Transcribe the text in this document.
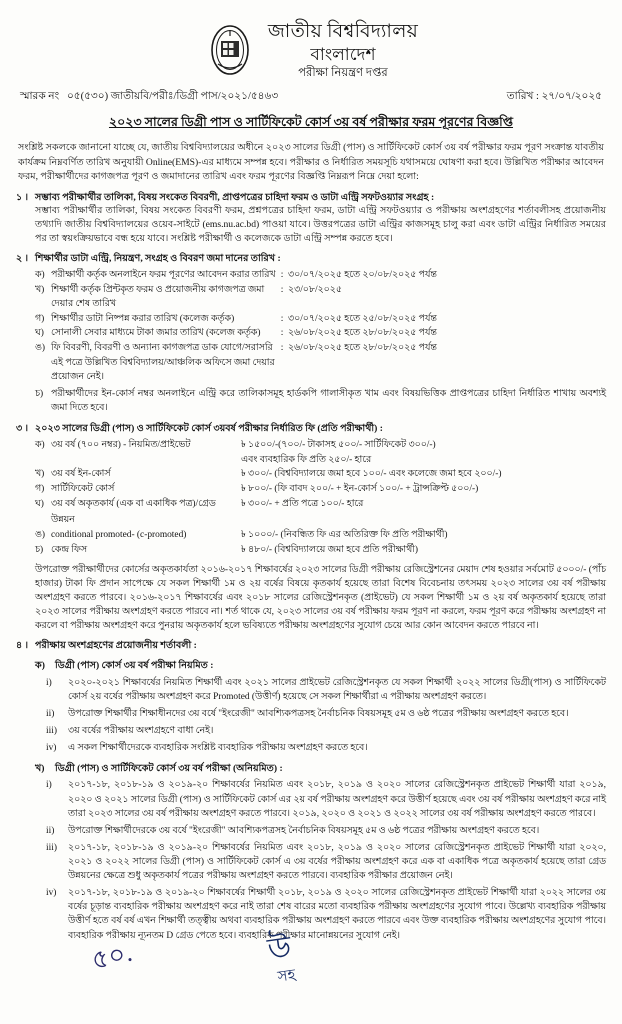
জাতীয় বিশ্ববিদ্যালয়
বাংলাদেশ
পরীক্ষা নিয়ন্ত্রণ দপ্তর
স্মারক নং ০৫(৫৩০) জাতীয়বি/পরীঃ/ডিগ্রী পাস/২০২১/৫৪৬৩	তারিখ : ২৭/০৭/২০২৫
২০২৩ সালের ডিগ্রী পাস ও সার্টিফিকেট কোর্স ৩য় বর্ষ পরীক্ষার ফরম পূরণের বিজ্ঞপ্তি
সংশ্লিষ্ট সকলকে জানানো যাচ্ছে যে, জাতীয় বিশ্ববিদ্যালয়ের অধীনে ২০২৩ সালের ডিগ্রী (পাস) ও সার্টিফিকেট কোর্স ৩য় বর্ষ পরীক্ষার ফরম পূরণ সংক্রান্ত যাবতীয় কার্যক্রম নিম্নবর্ণিত তারিখ অনুযায়ী Online(EMS)-এর মাধ্যমে সম্পন্ন হবে। পরীক্ষার ও নির্ধারিত সময়সূচি যথাসময়ে ঘোষণা করা হবে। উল্লিখিত পরীক্ষার আবেদন ফরম, পরীক্ষার্থীদের কাগজপত্র পূরণ ও জমাদানের তারিখ এবং ফরম পূরণের বিজ্ঞপ্তি নিম্নরূপ নিম্নে দেয়া হলো:
১ । সম্ভাব্য পরীক্ষার্থীর তালিকা, বিষয় সংকেত বিবরণী, প্রাপ্তপত্রের চাহিদা ফরম ও ডাটা এন্ট্রি সফটওয়্যার সংগ্রহ :
সম্ভাব্য পরীক্ষার্থীর তালিকা, বিষয় সংকেত বিবরণী ফরম, প্রশ্নপত্রের চাহিদা ফরম, ডাটা এন্ট্রি সফটওয়্যার ও পরীক্ষায় অংশগ্রহণের শর্তাবলীসহ প্রয়োজনীয় তথ্যাদি জাতীয় বিশ্ববিদ্যালয়ের ওয়েব-সাইটে (ems.nu.ac.bd) পাওয়া যাবে। উত্তরপত্রের ডাটা এন্ট্রির কাজসমূহ চালু করা এবং ডাটা এন্ট্রির নির্ধারিত সময়ের পর তা স্বয়ংক্রিয়ভাবে বন্ধ হয়ে যাবে। সংশ্লিষ্ট পরীক্ষার্থী ও কলেজকে ডাটা এন্ট্রি সম্পন্ন করতে হবে।
২ । শিক্ষার্থীর ডাটা এন্ট্রি, নিয়ন্ত্রণ, সংগ্রহ ও বিবরণ জমা দানের তারিখ :
ক) পরীক্ষার্থী কর্তৃক অনলাইনে ফরম পূরণের আবেদন করার তারিখ : ৩০/০৭/২০২৫ হতে ২০/০৮/২০২৫ পর্যন্ত
খ) শিক্ষার্থী কর্তৃক প্রিন্টকৃত ফরম ও প্রয়োজনীয় কাগজপত্র জমা দেয়ার শেষ তারিখ
: ২৩/০৮/২০২৫
গ) শিক্ষার্থীর ডাটা নিষ্পন্ন করার তারিখ (কলেজ কর্তৃক)	: ৩০/০৭/২০২৫ হতে ২৫/০৮/২০২৫ পর্যন্ত
ঘ) সোনালী সেবার মাধ্যমে টাকা জমার তারিখ (কলেজ কর্তৃক)	: ২৬/০৮/২০২৫ হতে ২৮/০৮/২০২৫ পর্যন্ত
ঙ) ফি বিবরণী, বিবরণী ও অন্যান্য কাগজপত্র ডাক যোগে/সরাসরি এই পত্রে উল্লিখিত বিশ্ববিদ্যালয়/আঞ্চলিক অফিসে জমা দেয়ার প্রয়োজন নেই।
: ২৬/০৮/২০২৫ হতে ২৮/০৮/২০২৫ পর্যন্ত
চ) পরীক্ষার্থীদের ইন-কোর্স নম্বর অনলাইনে এন্ট্রি করে তালিকাসমূহ হার্ডকপি গালাসীকৃত খাম এবং বিষয়ভিত্তিক প্রাপ্তপত্রের চাহিদা নির্ধারিত শাখায় অবশ্যই জমা দিতে হবে।
৩ । ২০২৩ সালের ডিগ্রী (পাস) ও সার্টিফিকেট কোর্স ৩য়বর্ষ পরীক্ষার নির্ধারিত ফি (প্রতি পরীক্ষার্থী) :
ক) ৩য় বর্ষ (৭০০ নম্বর) - নিয়মিত/প্রাইভেট	৳ ১৫০০/-(৭০০/- টাকাসহ ৫০০/- সার্টিফিকেট ৩০০/-)
এবং ব্যবহারিক ফি প্রতি ২৫০/- হারে
খ) ৩য় বর্ষ ইন-কোর্স	৳ ৩০০/- (বিশ্ববিদ্যালয়ে জমা হবে ১০০/- এবং কলেজে জমা হবে ২০০/-)
গ) সার্টিফিকেট কোর্স	৳ ৮০০/- (ফি বাবদ ২০০/- + ইন-কোর্স ১০০/- + ট্রান্সক্রিপ্ট ৫০০/-)
ঘ) ৩য় বর্ষ অকৃতকার্য (এক বা একাধিক পত্র)/গ্রেড উন্নয়ন
৳ ৩০০/- + প্রতি পত্রে ১০০/- হারে
ঙ) conditional promoted- (c-promoted)	৳ ১০০০/- (নিবন্ধিত ফি এর অতিরিক্ত ফি প্রতি পরীক্ষার্থী)
চ) কেন্দ্র ফিস	৳ ৪৮০/- (বিশ্ববিদ্যালয়ে জমা হবে প্রতি পরীক্ষার্থী)
উপরোক্ত পরীক্ষার্থীদের কোর্সের অকৃতকার্যতা ২০১৬-২০১৭ শিক্ষাবর্ষের ২০২৩ সালের ডিগ্রী পরীক্ষায় রেজিস্ট্রেশনের মেয়াদ শেষ হওয়ার সর্বমোট ৫০০০/- (পাঁচ হাজার) টাকা ফি প্রদান সাপেক্ষে যে সকল শিক্ষার্থী ১ম ও ২য় বর্ষের বিষয়ে কৃতকার্য হয়েছে তারা বিশেষ বিবেচনায় তৎসময় ২০২৩ সালের ৩য় বর্ষ পরীক্ষায় অংশগ্রহণ করতে পারবে। ২০১৬-২০১৭ শিক্ষাবর্ষের এবং ২০১৮ সালের রেজিস্ট্রেশনকৃত (প্রাইভেট) যে সকল শিক্ষার্থী ১ম ও ২য় বর্ষ অকৃতকার্য হয়েছে তারা ২০২৩ সালের পরীক্ষায় অংশগ্রহণ করতে পারবে না। শর্ত থাকে যে, ২০২৩ সালের ৩য় বর্ষ পরীক্ষায় ফরম পূরণ না করলে, ফরম পূরণ করে পরীক্ষায় অংশগ্রহণ না করলে বা পরীক্ষায় অংশগ্রহণ করে পুনরায় অকৃতকার্য হলে ভবিষ্যতে পরীক্ষায় অংশগ্রহণের সুযোগ চেয়ে আর কোন আবেদন করতে পারবে না।
৪ । পরীক্ষায় অংশগ্রহণের প্রয়োজনীয় শর্তাবলী :
ক)	ডিগ্রী (পাস) কোর্স ৩য় বর্ষ পরীক্ষা নিয়মিত :
i)	২০২০-২০২১ শিক্ষাবর্ষের নিয়মিত শিক্ষার্থী এবং ২০২১ সালের প্রাইভেট রেজিস্ট্রেশনকৃত যে সকল শিক্ষার্থী ২০২২ সালের ডিগ্রী(পাস) ও সার্টিফিকেট কোর্স ২য় বর্ষের পরীক্ষায় অংশগ্রহণ করে Promoted (উত্তীর্ণ) হয়েছে সে সকল শিক্ষার্থীরা এ পরীক্ষায় অংশগ্রহণ করতে।
ii)	উপরোক্ত শিক্ষার্থীর শিক্ষাধীনদের ৩য় বর্ষে "ইংরেজী" আবশ্যিকপত্রসহ নৈর্বাচনিক বিষয়সমূহ ৫ম ও ৬ষ্ঠ পত্রের পরীক্ষায় অংশগ্রহণ করতে হবে।
iii)	৩য় বর্ষের পরীক্ষায় অংশগ্রহণে বাধা নেই।
iv)	এ সকল শিক্ষার্থীদেরকে ব্যবহারিক সংশ্লিষ্ট ব্যবহারিক পরীক্ষায় অংশগ্রহণ করতে হবে।
খ)	ডিগ্রী (পাস) ও সার্টিফিকেট কোর্স ৩য় বর্ষ পরীক্ষা (অনিয়মিত) :
i)	২০১৭-১৮, ২০১৮-১৯ ও ২০১৯-২০ শিক্ষাবর্ষের নিয়মিত এবং ২০১৮, ২০১৯ ও ২০২০ সালের রেজিস্ট্রেশনকৃত প্রাইভেট শিক্ষার্থী যারা ২০১৯, ২০২০ ও ২০২১ সালের ডিগ্রী (পাস) ও সার্টিফিকেট কোর্স এর ২য় বর্ষ পরীক্ষায় অংশগ্রহণ করে উত্তীর্ণ হয়েছে এবং ৩য় বর্ষ পরীক্ষায় অংশগ্রহণ করে নাই তারা ২০২৩ সালের ৩য় বর্ষ পরীক্ষায় অংশগ্রহণ করতে পারবে। ২০১৯, ২০২০ ও ২০২১ ও ২০২২ সালের ৩য় বর্ষ পরীক্ষায় অংশগ্রহণ করতে পারবে।
ii)	উপরোক্ত শিক্ষার্থীদেরকে ৩য় বর্ষে "ইংরেজী" আবশ্যিকপত্রসহ নৈর্বাচনিক বিষয়সমূহ ৫ম ও ৬ষ্ঠ পত্রের পরীক্ষায় অংশগ্রহণ করতে হবে।
iii)	২০১৭-১৮, ২০১৮-১৯ ও ২০১৯-২০ শিক্ষাবর্ষের নিয়মিত এবং ২০১৮, ২০১৯ ও ২০২০ সালের রেজিস্ট্রেশনকৃত প্রাইভেট শিক্ষার্থী যারা ২০২০, ২০২১ ও ২০২২ সালের ডিগ্রী (পাস) ও সার্টিফিকেট কোর্স এ ৩য় বর্ষের পরীক্ষায় অংশগ্রহণ করে এক বা একাধিক পত্রে অকৃতকার্য হয়েছে তারা গ্রেড উন্নয়নের ক্ষেত্রে শুধু অকৃতকার্য পত্রের পরীক্ষায় অংশগ্রহণ করতে পারবে। ব্যবহারিক পরীক্ষার প্রয়োজন নেই।
iv)	২০১৭-১৮, ২০১৮-১৯ ও ২০১৯-২০ শিক্ষাবর্ষের শিক্ষার্থী ২০১৮, ২০১৯ ও ২০২০ সালের রেজিস্ট্রেশনকৃত প্রাইভেট শিক্ষার্থী যারা ২০২২ সালের ৩য় বর্ষের চূড়ান্ত ব্যবহারিক পরীক্ষায় অংশগ্রহণ করে নাই তারা শেষ বারের মতো ব্যবহারিক পরীক্ষায় অংশগ্রহণের সুযোগ পাবে। উল্লেখ্য ব্যবহারিক পরীক্ষায় উত্তীর্ণ হতে বর্ষ বর্ষ এখন শিক্ষার্থী তত্ত্বীয় অথবা ব্যবহারিক পরীক্ষায় অংশগ্রহণ করতে পারবে এবং উক্ত ব্যবহারিক পরীক্ষায় অংশগ্রহণের সুযোগ পাবে। ব্যবহারিক পরীক্ষায় ন্যূনতম D গ্রেড পেতে হবে। ব্যবহারিক পরীক্ষার মানোন্নয়নের সুযোগ নেই।
৫০.	উ
সহ
